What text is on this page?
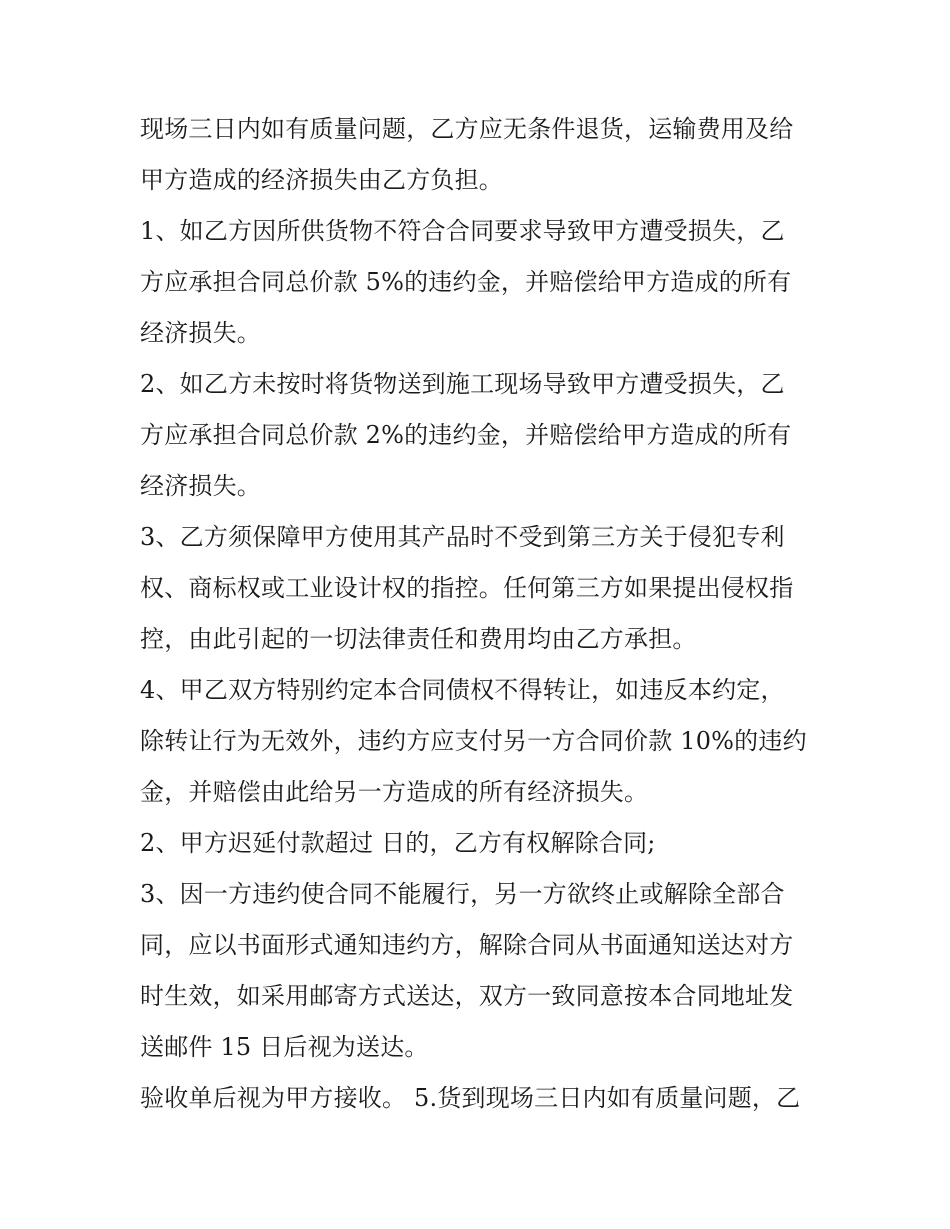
现场三日内如有质量问题，乙方应无条件退货，运输费用及给
甲方造成的经济损失由乙方负担。
1、如乙方因所供货物不符合合同要求导致甲方遭受损失，乙
方应承担合同总价款 5%的违约金，并赔偿给甲方造成的所有
经济损失。
2、如乙方未按时将货物送到施工现场导致甲方遭受损失，乙
方应承担合同总价款 2%的违约金，并赔偿给甲方造成的所有
经济损失。
3、乙方须保障甲方使用其产品时不受到第三方关于侵犯专利
权、商标权或工业设计权的指控。任何第三方如果提出侵权指
控，由此引起的一切法律责任和费用均由乙方承担。
4、甲乙双方特别约定本合同债权不得转让，如违反本约定，
除转让行为无效外，违约方应支付另一方合同价款 10%的违约
金，并赔偿由此给另一方造成的所有经济损失。
2、甲方迟延付款超过 日的，乙方有权解除合同;
3、因一方违约使合同不能履行，另一方欲终止或解除全部合
同，应以书面形式通知违约方，解除合同从书面通知送达对方
时生效，如采用邮寄方式送达，双方一致同意按本合同地址发
送邮件 15 日后视为送达。
验收单后视为甲方接收。 5.货到现场三日内如有质量问题，乙
